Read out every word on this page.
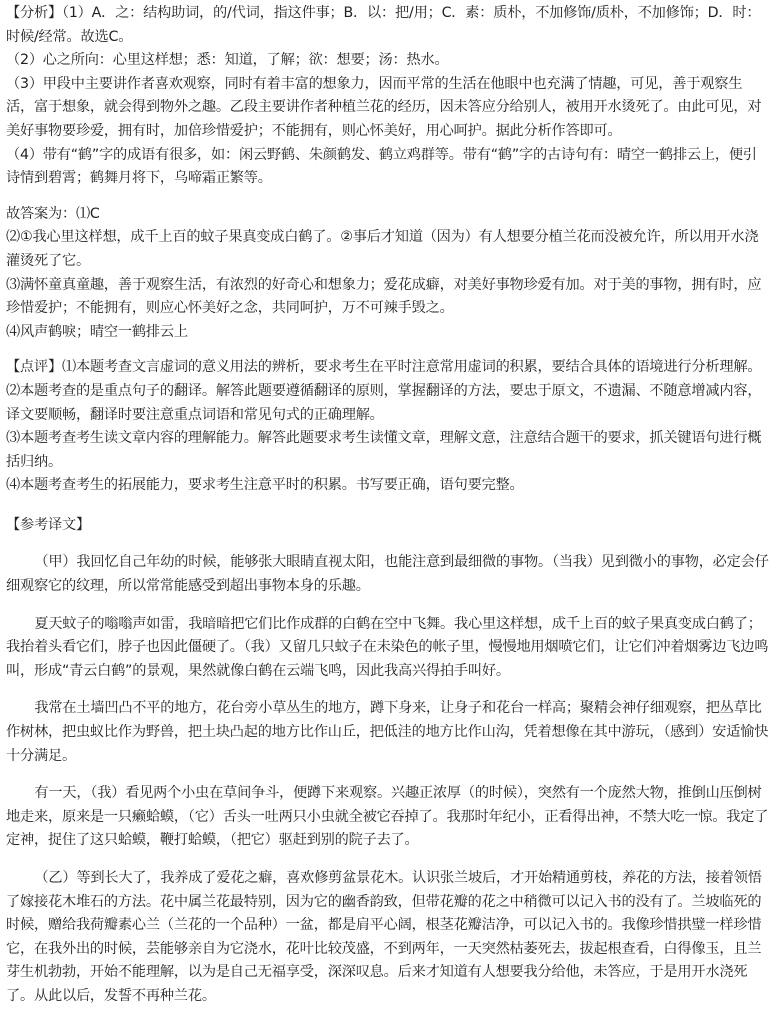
【分析】（1）A．之：结构助词，的/代词，指这件事；B．以：把/用；C．素：质朴，不加修饰/质朴，不加修饰；D．时：时候/经常。故选C。

（2）心之所向：心里这样想；悉：知道，了解；欲：想要；汤：热水。

（3）甲段中主要讲作者喜欢观察，同时有着丰富的想象力，因而平常的生活在他眼中也充满了情趣，可见，善于观察生活，富于想象，就会得到物外之趣。乙段主要讲作者种植兰花的经历，因未答应分给别人，被用开水烫死了。由此可见，对美好事物要珍爱，拥有时，加倍珍惜爱护；不能拥有，则心怀美好，用心呵护。据此分析作答即可。

（4）带有“鹤”字的成语有很多，如：闲云野鹤、朱颜鹤发、鹤立鸡群等。带有“鹤”字的古诗句有：晴空一鹤排云上，便引诗情到碧霄；鹤舞月将下，乌啼霜正繁等。

故答案为：⑴C

⑵①我心里这样想，成千上百的蚊子果真变成白鹤了。②事后才知道（因为）有人想要分植兰花而没被允许，所以用开水浇灌烫死了它。

⑶满怀童真童趣，善于观察生活，有浓烈的好奇心和想象力；爱花成癖，对美好事物珍爱有加。对于美的事物，拥有时，应珍惜爱护；不能拥有，则应心怀美好之念，共同呵护，万不可辣手毁之。

⑷风声鹤唳；晴空一鹤排云上

【点评】⑴本题考查文言虚词的意义用法的辨析，要求考生在平时注意常用虚词的积累，要结合具体的语境进行分析理解。

⑵本题考查的是重点句子的翻译。解答此题要遵循翻译的原则，掌握翻译的方法，要忠于原文，不遗漏、不随意增减内容，译文要顺畅，翻译时要注意重点词语和常见句式的正确理解。

⑶本题考查考生读文章内容的理解能力。解答此题要求考生读懂文章，理解文意，注意结合题干的要求，抓关键语句进行概括归纳。

⑷本题考查考生的拓展能力，要求考生注意平时的积累。书写要正确，语句要完整。

【参考译文】

（甲）我回忆自己年幼的时候，能够张大眼睛直视太阳，也能注意到最细微的事物。（当我）见到微小的事物，必定会仔细观察它的纹理，所以常常能感受到超出事物本身的乐趣。

夏天蚊子的嗡嗡声如雷，我暗暗把它们比作成群的白鹤在空中飞舞。我心里这样想，成千上百的蚊子果真变成白鹤了；我抬着头看它们，脖子也因此僵硬了。（我）又留几只蚊子在未染色的帐子里，慢慢地用烟喷它们，让它们冲着烟雾边飞边鸣叫，形成“青云白鹤”的景观，果然就像白鹤在云端飞鸣，因此我高兴得拍手叫好。

我常在土墙凹凸不平的地方，花台旁小草丛生的地方，蹲下身来，让身子和花台一样高；聚精会神仔细观察，把丛草比作树林，把虫蚁比作为野兽，把土块凸起的地方比作山丘，把低洼的地方比作山沟，凭着想像在其中游玩，（感到）安适愉快十分满足。

有一天，（我）看见两个小虫在草间争斗，便蹲下来观察。兴趣正浓厚（的时候），突然有一个庞然大物，推倒山压倒树地走来，原来是一只癞蛤蟆，（它）舌头一吐两只小虫就全被它吞掉了。我那时年纪小，正看得出神，不禁大吃一惊。我定了定神，捉住了这只蛤蟆，鞭打蛤蟆，（把它）驱赶到别的院子去了。

（乙）等到长大了，我养成了爱花之癖，喜欢修剪盆景花木。认识张兰坡后，才开始精通剪枝，养花的方法，接着领悟了嫁接花木堆石的方法。花中属兰花最特别，因为它的幽香韵致，但带花瓣的花之中稍微可以记入书的没有了。兰坡临死的时候，赠给我荷瓣素心兰（兰花的一个品种）一盆，都是肩平心阔，根茎花瓣洁净，可以记入书的。我像珍惜拱璧一样珍惜它，在我外出的时候，芸能够亲自为它浇水，花叶比较茂盛，不到两年，一天突然枯萎死去，拔起根查看，白得像玉，且兰芽生机勃勃，开始不能理解，以为是自己无福享受，深深叹息。后来才知道有人想要我分给他，未答应，于是用开水浇死了。从此以后，发誓不再种兰花。
